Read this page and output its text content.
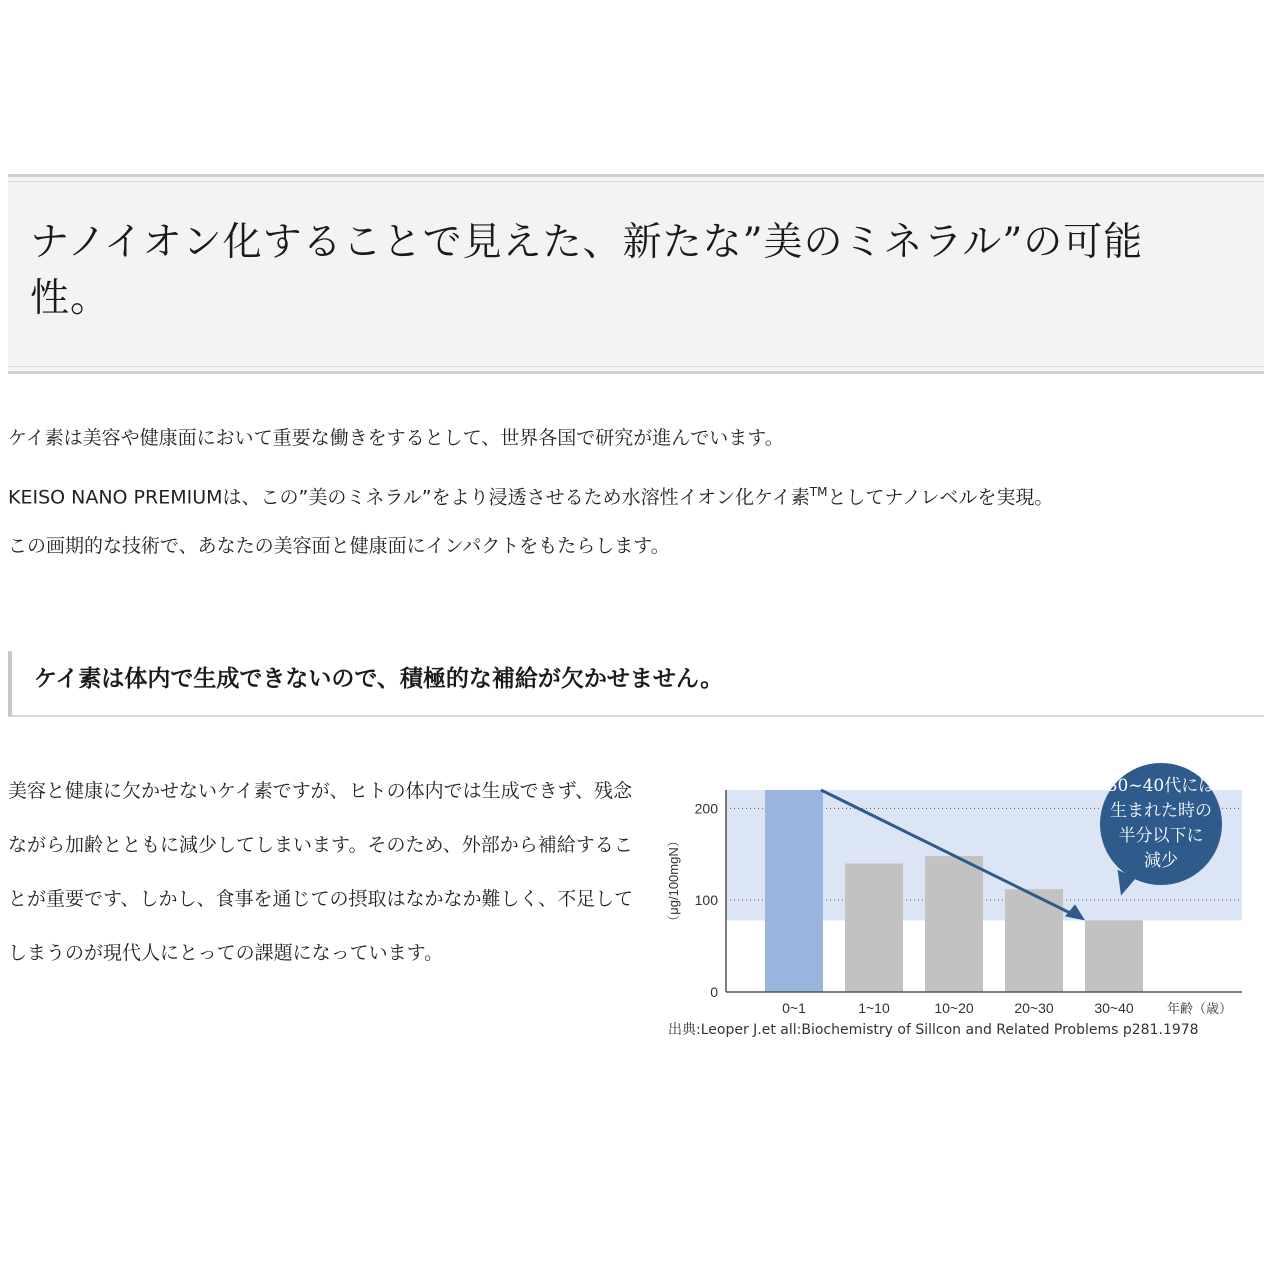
ナノイオン化することで見えた、新たな”美のミネラル”の可能性。

ケイ素は美容や健康面において重要な働きをするとして、世界各国で研究が進んでいます。

KEISO NANO PREMIUMは、この”美のミネラル”をより浸透させるため水溶性イオン化ケイ素™としてナノレベルを実現。

この画期的な技術で、あなたの美容面と健康面にインパクトをもたらします。

ケイ素は体内で生成できないので、積極的な補給が欠かせません。

美容と健康に欠かせないケイ素ですが、ヒトの体内では生成できず、残念ながら加齢とともに減少してしまいます。そのため、外部から補給することが重要です、しかし、食事を通じての摂取はなかなか難しく、不足してしまうのが現代人にとっての課題になっています。

0
100
200
0~1	1~10	10~20	20~30	30~40	年齢（歳）
（μg/100mgN）
30~40代には
生まれた時の
半分以下に
減少
出典:Leoper J.et all:Biochemistry of Sillcon and Related Problems p281.1978
